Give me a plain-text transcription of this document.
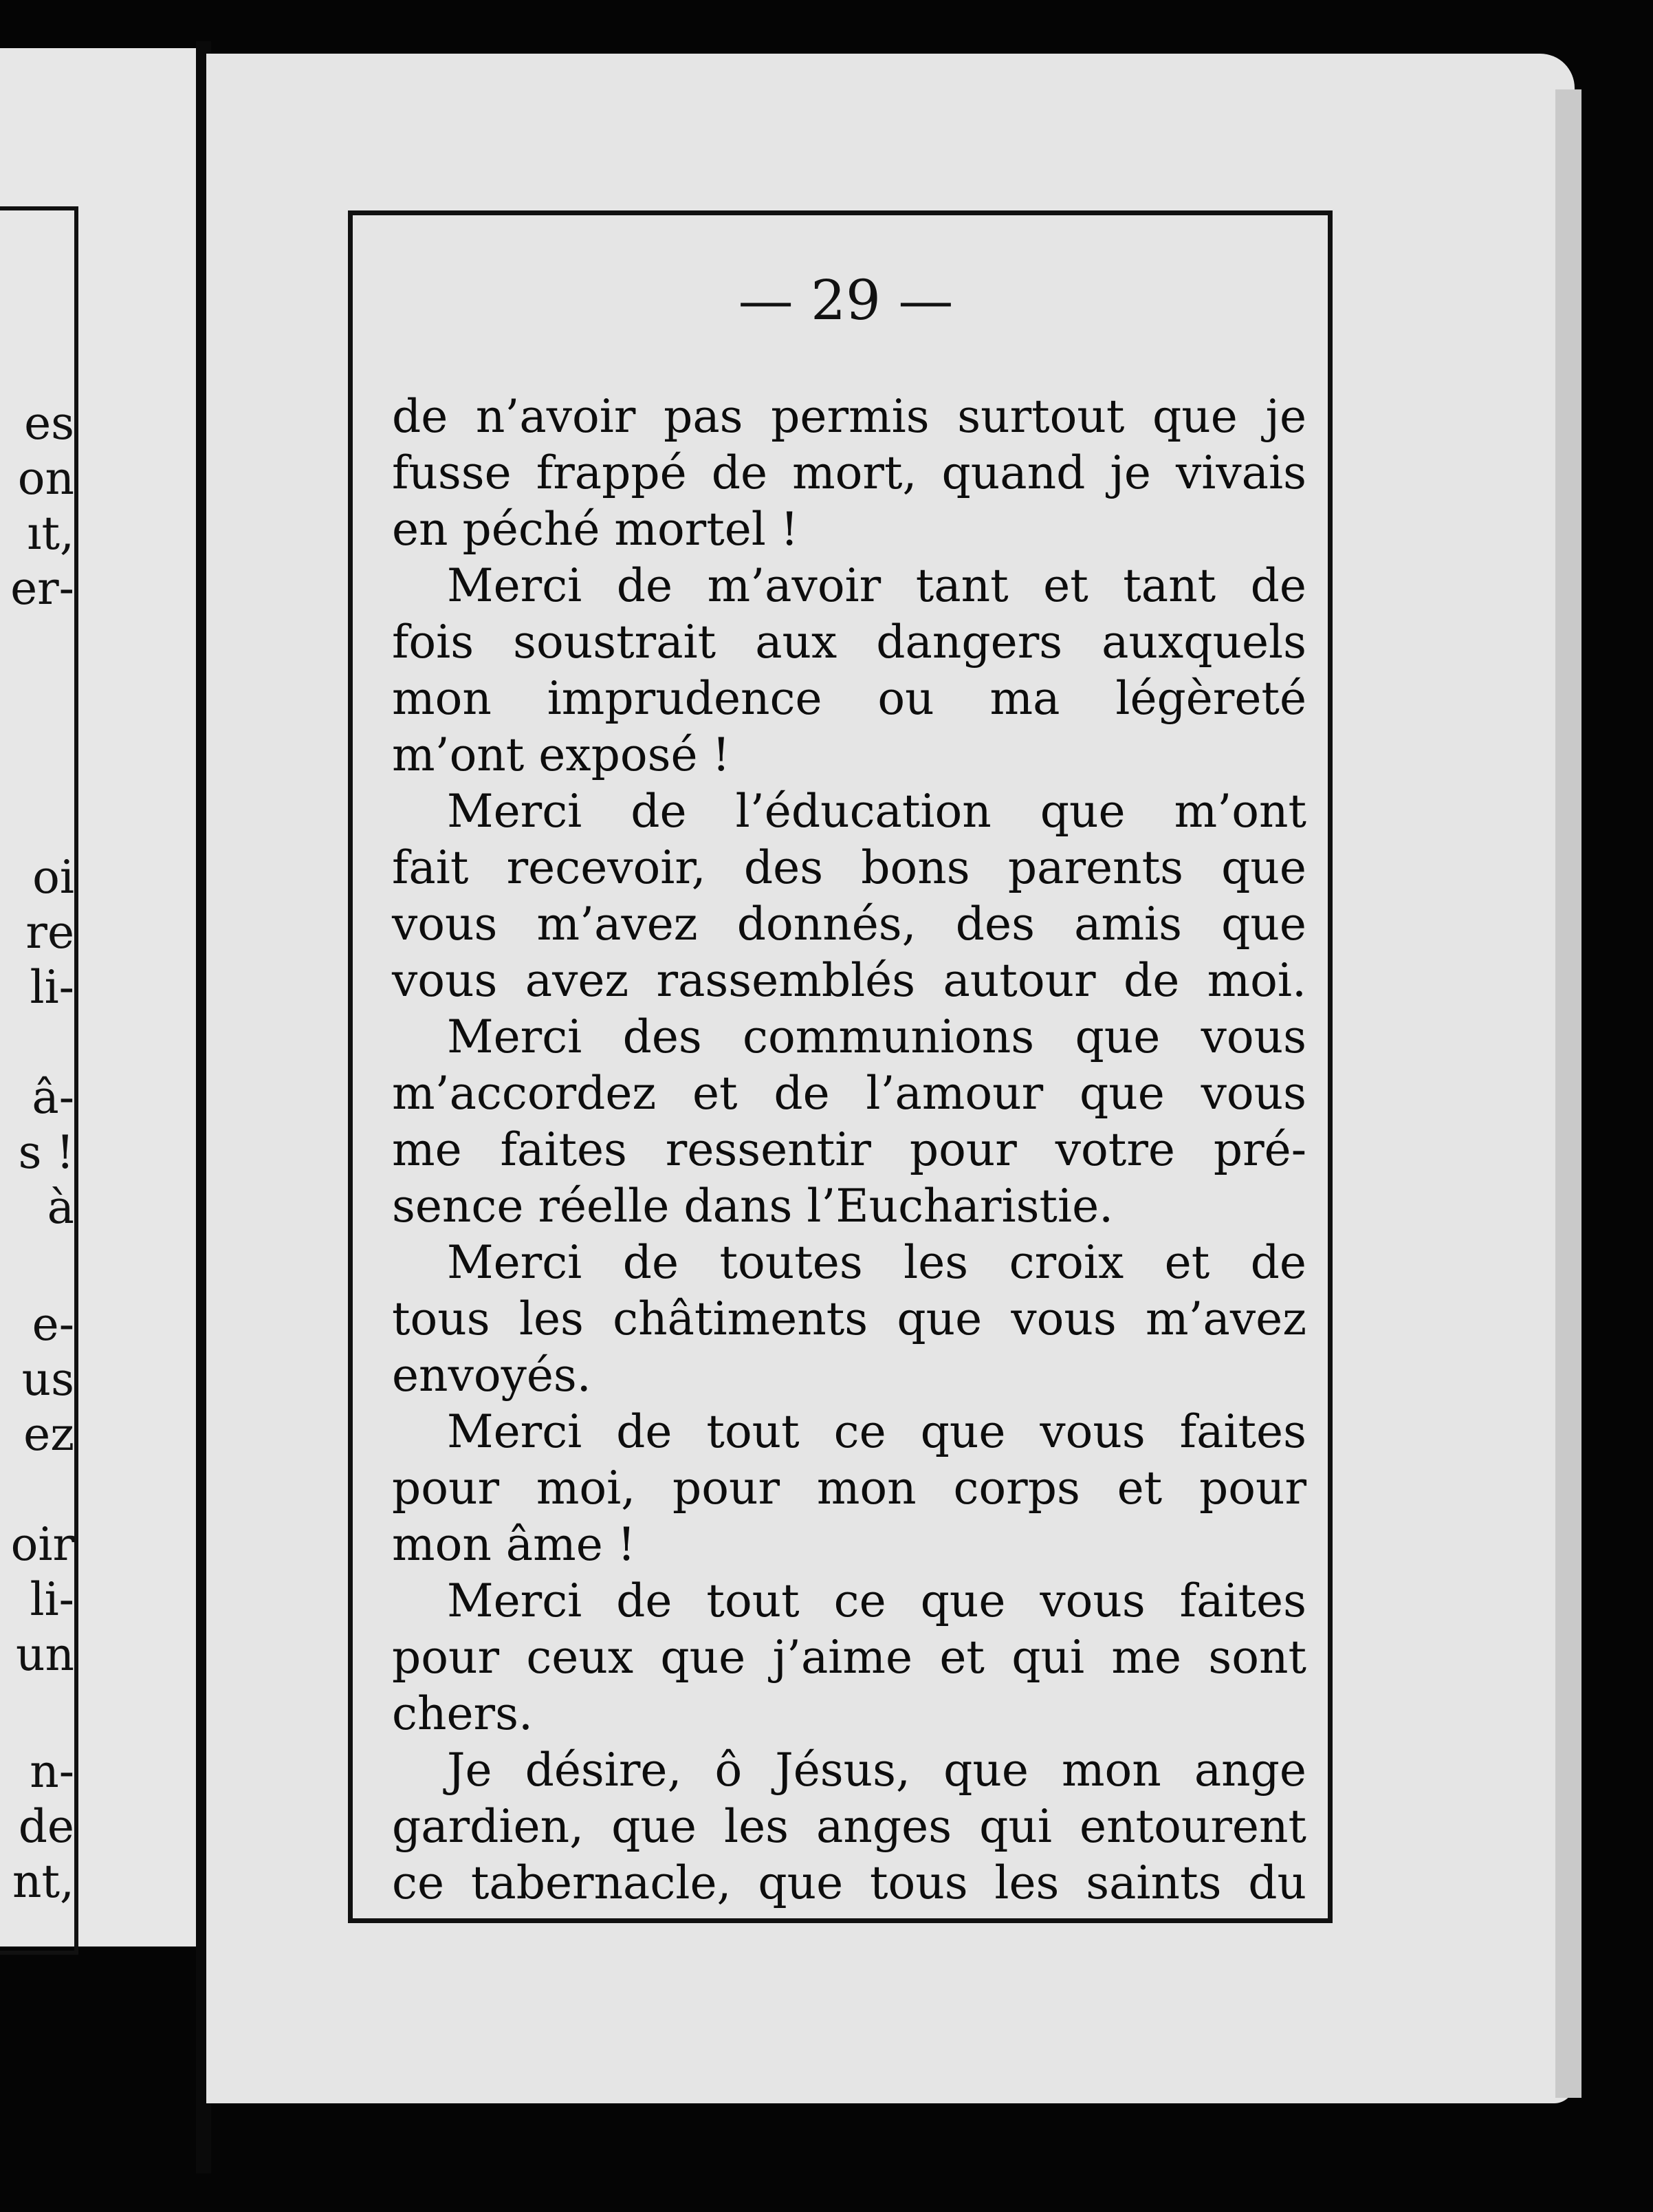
es
on
ıt,
er-
oi
re
li-
â-
s !
à
e-
us
ez
oir
li-
un
n-
de
nt,
— 29 —
de n’avoir pas permis surtout que je
fusse frappé de mort, quand je vivais
en péché mortel !
Merci de m’avoir tant et tant de
fois soustrait aux dangers auxquels
mon imprudence ou ma légèreté
m’ont exposé !
Merci de l’éducation que m’ont
fait recevoir, des bons parents que
vous m’avez donnés, des amis que
vous avez rassemblés autour de moi.
Merci des communions que vous
m’accordez et de l’amour que vous
me faites ressentir pour votre pré-
sence réelle dans l’Eucharistie.
Merci de toutes les croix et de
tous les châtiments que vous m’avez
envoyés.
Merci de tout ce que vous faites
pour moi, pour mon corps et pour
mon âme !
Merci de tout ce que vous faites
pour ceux que j’aime et qui me sont
chers.
Je désire, ô Jésus, que mon ange
gardien, que les anges qui entourent
ce tabernacle, que tous les saints du
